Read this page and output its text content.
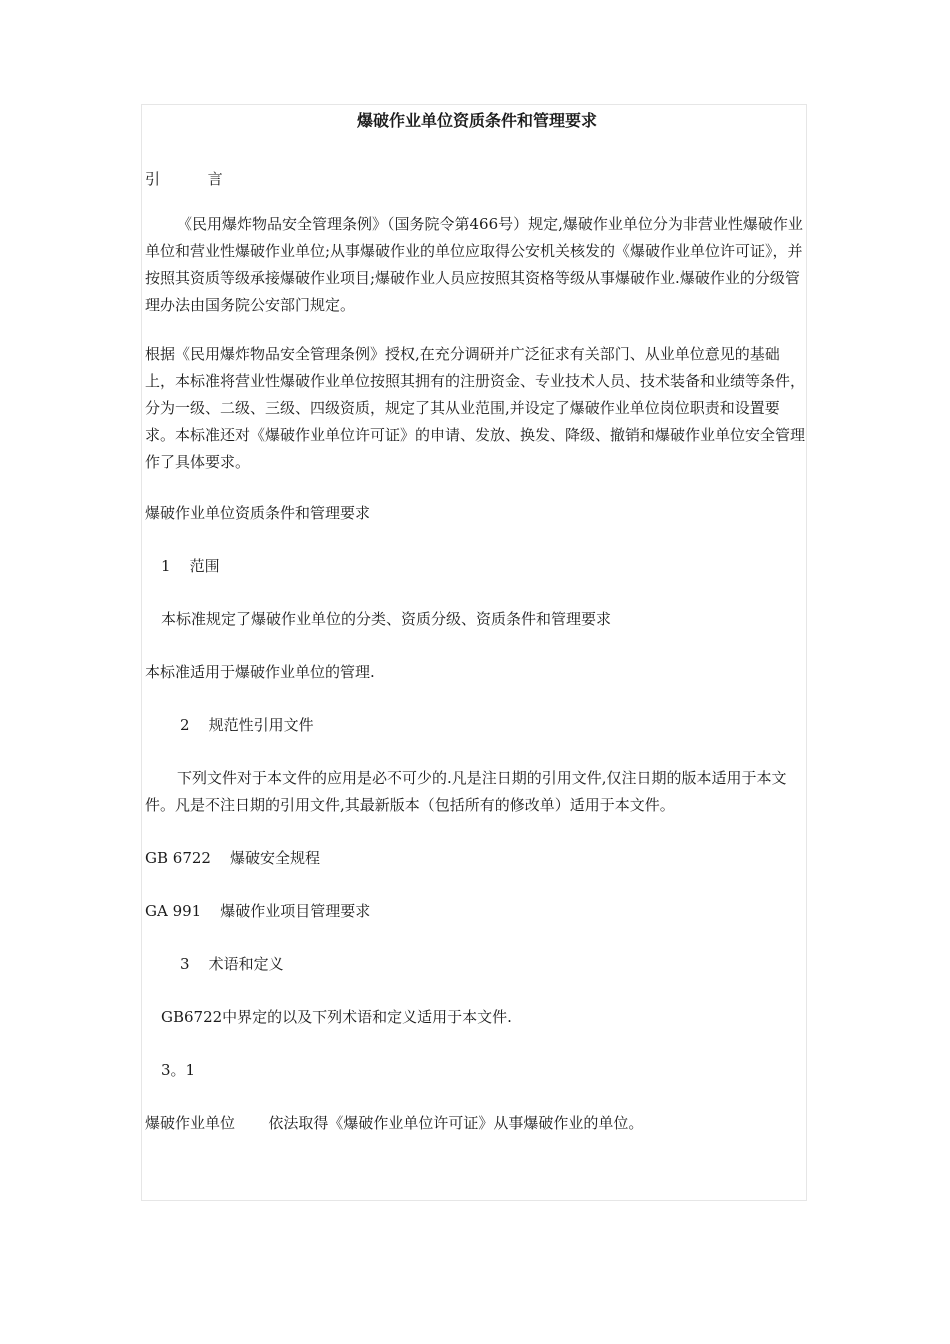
爆破作业单位资质条件和管理要求

引          言

《民用爆炸物品安全管理条例》（国务院令第466号）规定,爆破作业单位分为非营业性爆破作业单位和营业性爆破作业单位;从事爆破作业的单位应取得公安机关核发的《爆破作业单位许可证》，并按照其资质等级承接爆破作业项目;爆破作业人员应按照其资格等级从事爆破作业.爆破作业的分级管理办法由国务院公安部门规定。

根据《民用爆炸物品安全管理条例》授权,在充分调研并广泛征求有关部门、从业单位意见的基础上，本标准将营业性爆破作业单位按照其拥有的注册资金、专业技术人员、技术装备和业绩等条件，分为一级、二级、三级、四级资质，规定了其从业范围,并设定了爆破作业单位岗位职责和设置要求。本标准还对《爆破作业单位许可证》的申请、发放、换发、降级、撤销和爆破作业单位安全管理作了具体要求。

爆破作业单位资质条件和管理要求

1    范围

本标准规定了爆破作业单位的分类、资质分级、资质条件和管理要求

本标准适用于爆破作业单位的管理.

2    规范性引用文件

下列文件对于本文件的应用是必不可少的.凡是注日期的引用文件,仅注日期的版本适用于本文件。凡是不注日期的引用文件,其最新版本（包括所有的修改单）适用于本文件。

GB 6722    爆破安全规程

GA 991    爆破作业项目管理要求

3    术语和定义

GB6722中界定的以及下列术语和定义适用于本文件.

3。1

爆破作业单位       依法取得《爆破作业单位许可证》从事爆破作业的单位。
